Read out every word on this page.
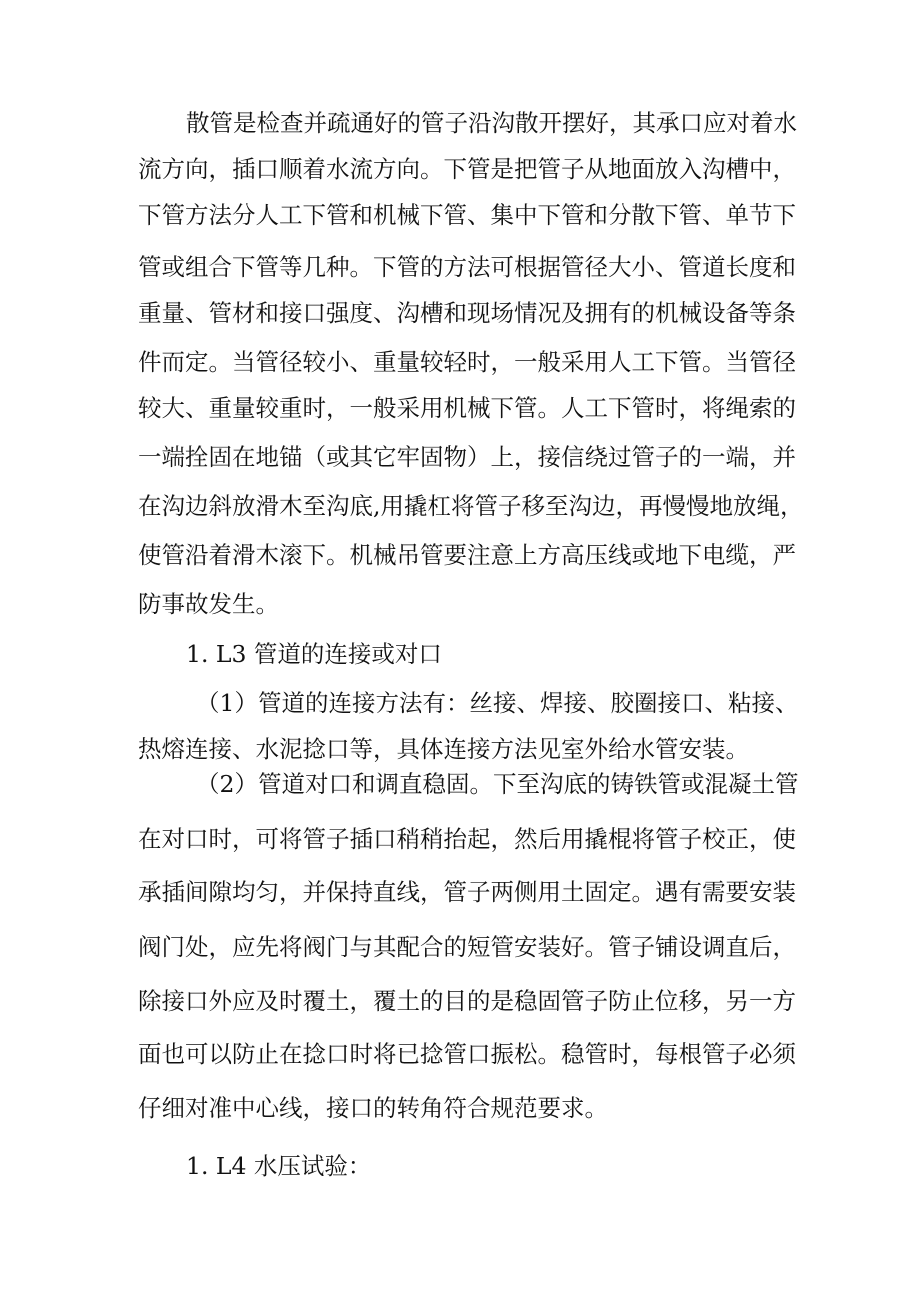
散管是检查并疏通好的管子沿沟散开摆好，其承口应对着水
流方向，插口顺着水流方向。下管是把管子从地面放入沟槽中，
下管方法分人工下管和机械下管、集中下管和分散下管、单节下
管或组合下管等几种。下管的方法可根据管径大小、管道长度和
重量、管材和接口强度、沟槽和现场情况及拥有的机械设备等条
件而定。当管径较小、重量较轻时，一般采用人工下管。当管径
较大、重量较重时，一般采用机械下管。人工下管时，将绳索的
一端拴固在地锚（或其它牢固物）上，接信绕过管子的一端，并
在沟边斜放滑木至沟底,用撬杠将管子移至沟边，再慢慢地放绳，
使管沿着滑木滚下。机械吊管要注意上方高压线或地下电缆，严
防事故发生。
1. L3 管道的连接或对口
（1）管道的连接方法有：丝接、焊接、胶圈接口、粘接、
热熔连接、水泥捻口等，具体连接方法见室外给水管安装。
（2）管道对口和调直稳固。下至沟底的铸铁管或混凝土管
在对口时，可将管子插口稍稍抬起，然后用撬棍将管子校正，使
承插间隙均匀，并保持直线，管子两侧用土固定。遇有需要安装
阀门处，应先将阀门与其配合的短管安装好。管子铺设调直后，
除接口外应及时覆土，覆土的目的是稳固管子防止位移，另一方
面也可以防止在捻口时将已捻管口振松。稳管时，每根管子必须
仔细对准中心线，接口的转角符合规范要求。
1. L4 水压试验：
